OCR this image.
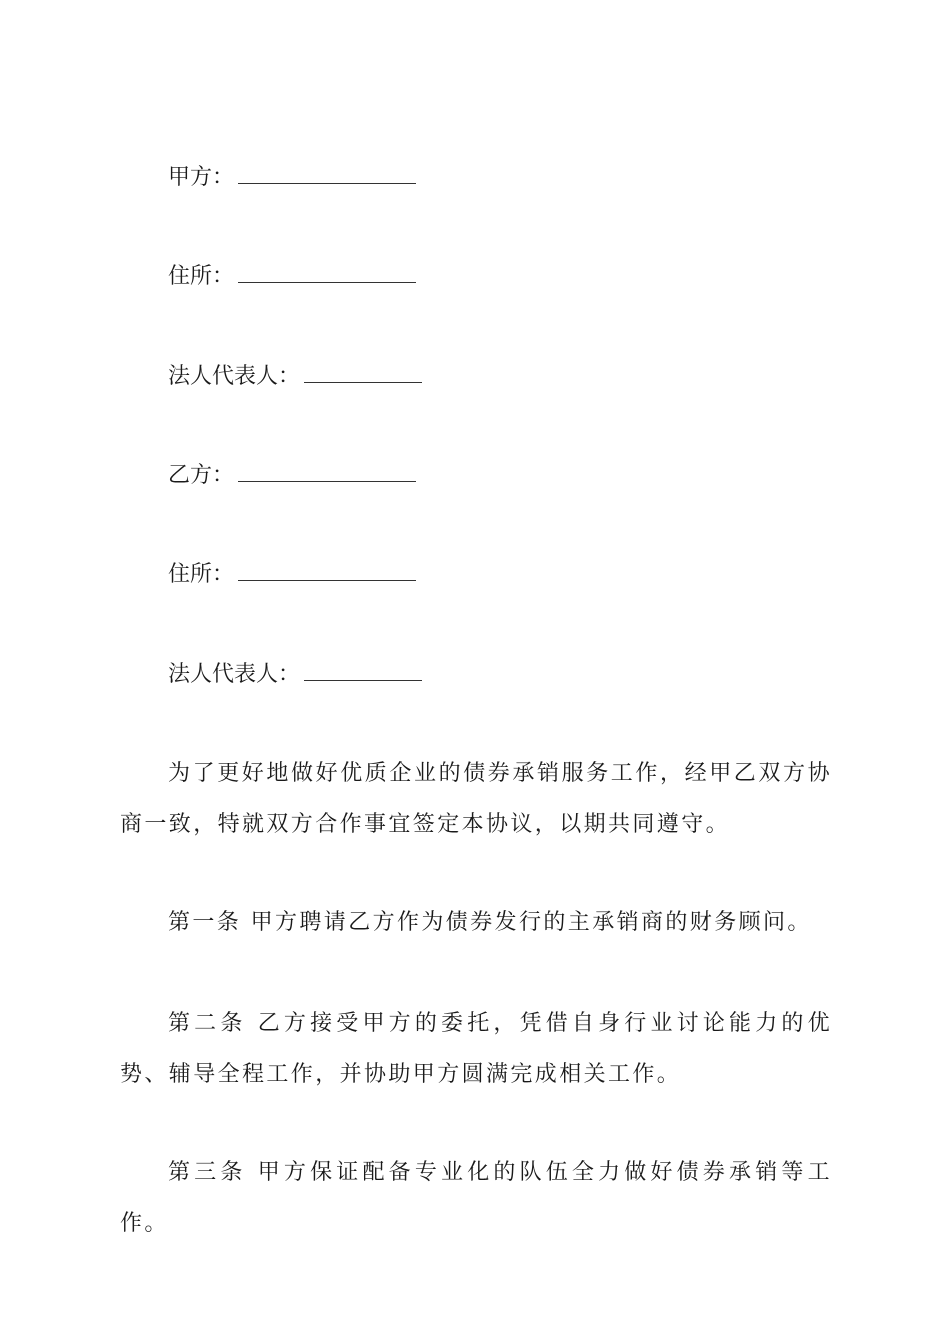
甲方：
住所：
法人代表人：
乙方：
住所：
法人代表人：

为了更好地做好优质企业的债券承销服务工作，经甲乙双方协商一致，特就双方合作事宜签定本协议，以期共同遵守。

第一条 甲方聘请乙方作为债券发行的主承销商的财务顾问。

第二条 乙方接受甲方的委托，凭借自身行业讨论能力的优势、辅导全程工作，并协助甲方圆满完成相关工作。

第三条 甲方保证配备专业化的队伍全力做好债券承销等工作。
